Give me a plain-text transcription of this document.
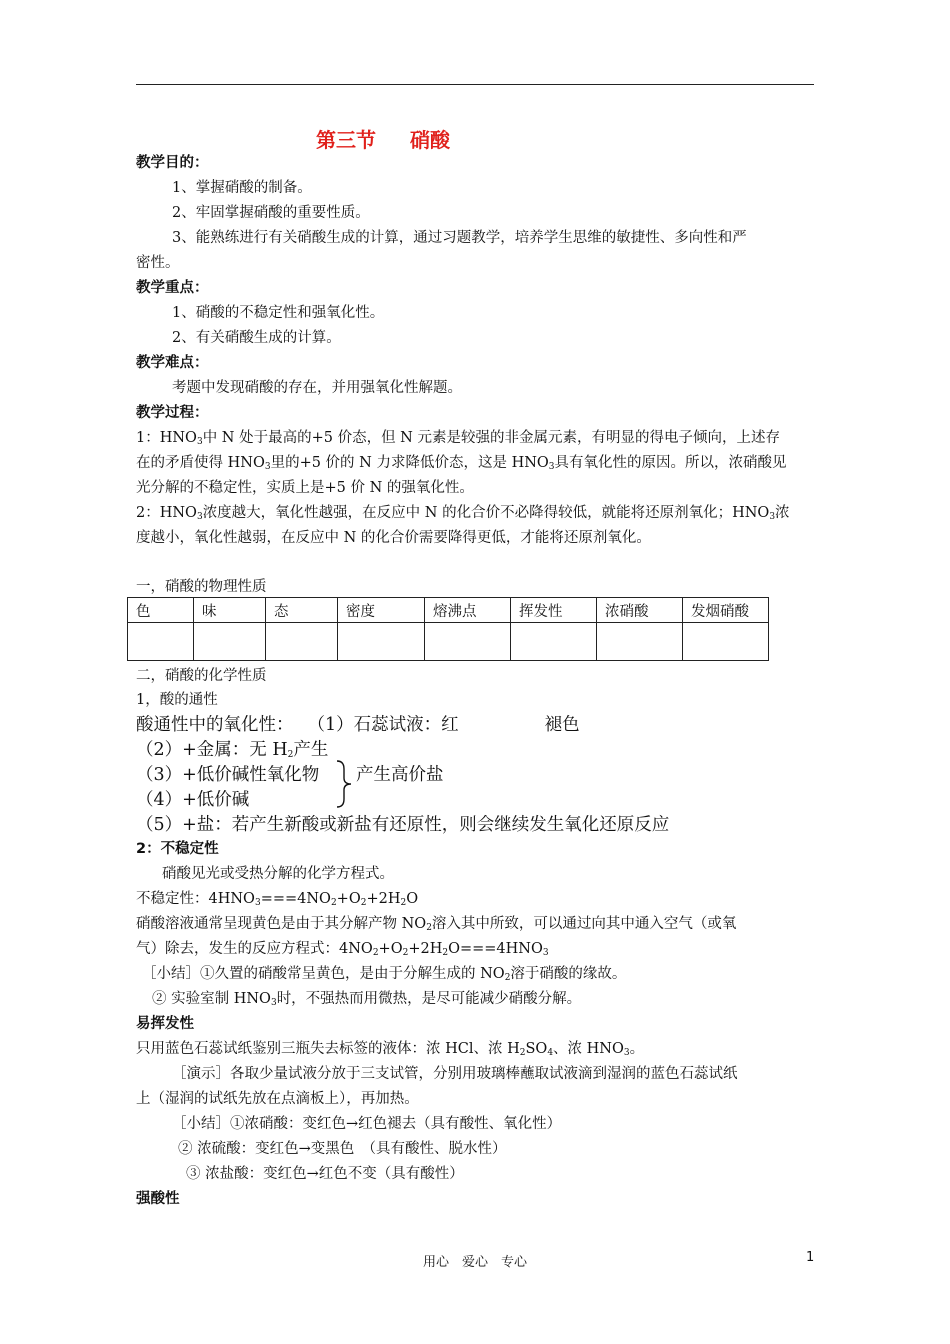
第三节 硝酸
教学目的：
1、掌握硝酸的制备。
2、牢固掌握硝酸的重要性质。
3、能熟练进行有关硝酸生成的计算，通过习题教学，培养学生思维的敏捷性、多向性和严
密性。
教学重点：
1、硝酸的不稳定性和强氧化性。
2、有关硝酸生成的计算。
教学难点：
考题中发现硝酸的存在，并用强氧化性解题。
教学过程：
1：$HNO_3$中 N 处于最高的+5 价态，但 N 元素是较强的非金属元素，有明显的得电子倾向，上述存
在的矛盾使得 $HNO_3$里的+5 价的 N 力求降低价态，这是 $HNO_3$具有氧化性的原因。所以，浓硝酸见
光分解的不稳定性，实质上是+5 价 N 的强氧化性。
2：$HNO_3$浓度越大，氧化性越强，在反应中 N 的化合价不必降得较低，就能将还原剂氧化；$HNO_3$浓
度越小，氧化性越弱，在反应中 N 的化合价需要降得更低，才能将还原剂氧化。
一，硝酸的物理性质
色	味	态	密度	熔沸点	挥发性	浓硝酸	发烟硝酸

二，硝酸的化学性质
1，酸的通性
酸通性中的氧化性： （1）石蕊试液：红	褪色
（2）+金属：无 $H_2$产生
（3）+低价碱性氧化物 产生高价盐
（4）+低价碱
（5）+盐：若产生新酸或新盐有还原性，则会继续发生氧化还原反应
2：不稳定性
硝酸见光或受热分解的化学方程式。
不稳定性：$4HNO_3===4NO_2+O_2+2H_2O$
硝酸溶液通常呈现黄色是由于其分解产物 $NO_2$溶入其中所致，可以通过向其中通入空气（或氧
气）除去，发生的反应方程式：$4NO_2+O_2+2H_2O===4HNO_3$
［小结］①久置的硝酸常呈黄色，是由于分解生成的 $NO_2$溶于硝酸的缘故。
② 实验室制 $HNO_3$时，不强热而用微热，是尽可能减少硝酸分解。
易挥发性
只用蓝色石蕊试纸鉴别三瓶失去标签的液体：浓 HCl、浓 $H_2SO_4$、浓 $HNO_3$。
［演示］各取少量试液分放于三支试管，分别用玻璃棒蘸取试液滴到湿润的蓝色石蕊试纸
上（湿润的试纸先放在点滴板上），再加热。
［小结］①浓硝酸：变红色→红色褪去（具有酸性、氧化性）
② 浓硫酸：变红色→变黑色　（具有酸性、脱水性）
③ 浓盐酸：变红色→红色不变（具有酸性）
强酸性
用心　爱心　专心	1
